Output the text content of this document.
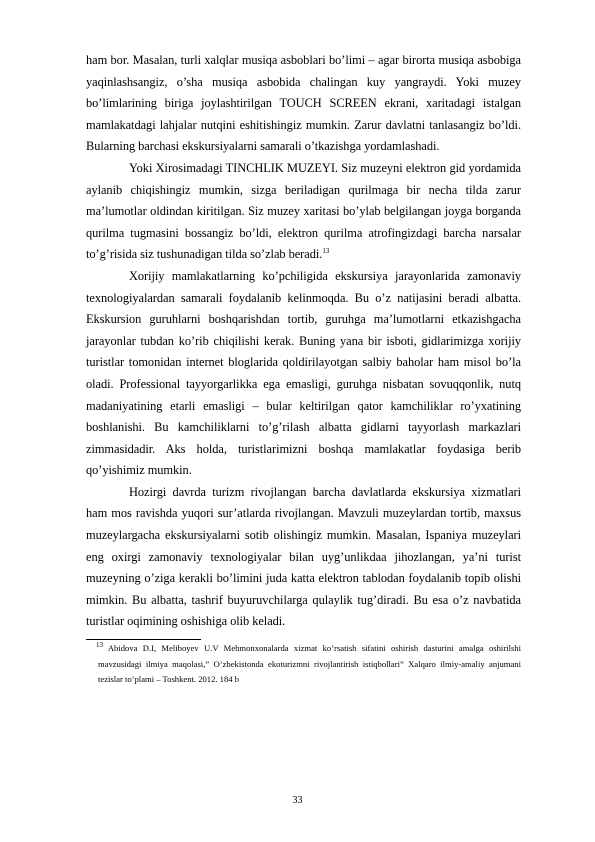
ham bor. Masalan, turli xalqlar musiqa asboblari bo’limi – agar birorta musiqa asbobiga yaqinlashsangiz, o’sha musiqa asbobida chalingan kuy yangraydi. Yoki muzey bo’limlarining biriga joylashtirilgan TOUCH SCREEN ekrani, xaritadagi istalgan mamlakatdagi lahjalar nutqini eshitishingiz mumkin. Zarur davlatni tanlasangiz bo’ldi. Bularning barchasi ekskursiyalarni samarali o’tkazishga yordamlashadi.

Yoki Xirosimadagi TINCHLIK MUZEYI. Siz muzeyni elektron gid yordamida aylanib chiqishingiz mumkin, sizga beriladigan qurilmaga bir necha tilda zarur ma’lumotlar oldindan kiritilgan. Siz muzey xaritasi bo’ylab belgilangan joyga borganda qurilma tugmasini bossangiz bo’ldi, elektron qurilma atrofingizdagi barcha narsalar to’g’risida siz tushunadigan tilda so’zlab beradi.$^{13}$

Xorijiy mamlakatlarning ko’pchiligida ekskursiya jarayonlarida zamonaviy texnologiyalardan samarali foydalanib kelinmoqda. Bu o’z natijasini beradi albatta. Ekskursion guruhlarni boshqarishdan tortib, guruhga ma’lumotlarni etkazishgacha jarayonlar tubdan ko’rib chiqilishi kerak. Buning yana bir isboti, gidlarimizga xorijiy turistlar tomonidan internet bloglarida qoldirilayotgan salbiy baholar ham misol bo’la oladi. Professional tayyorgarlikka ega emasligi, guruhga nisbatan sovuqqonlik, nutq madaniyatining etarli emasligi – bular keltirilgan qator kamchiliklar ro’yxatining boshlanishi. Bu kamchiliklarni to’g’rilash albatta gidlarni tayyorlash markazlari zimmasidadir. Aks holda, turistlarimizni boshqa mamlakatlar foydasiga berib qo’yishimiz mumkin.

Hozirgi davrda turizm rivojlangan barcha davlatlarda ekskursiya xizmatlari ham mos ravishda yuqori sur’atlarda rivojlangan. Mavzuli muzeylardan tortib, maxsus muzeylargacha ekskursiyalarni sotib olishingiz mumkin. Masalan, Ispaniya muzeylari eng oxirgi zamonaviy texnologiyalar bilan uyg’unlikdaa jihozlangan, ya’ni turist muzeyning o’ziga kerakli bo’limini juda katta elektron tablodan foydalanib topib olishi mimkin. Bu albatta, tashrif buyuruvchilarga qulaylik tug’diradi. Bu esa o’z navbatida turistlar oqimining oshishiga olib keladi.

$^{13}$ Abidova D.I, Meliboyev U.V Mehmonxonalarda xizmat ko’rsatish sifatini oshirish dasturini amalga oshirilshi mavzusidagi ilmiya maqolasi,” O’zbekistonda ekoturizmni rivojlantirish istiqbollari” Xalqaro ilmiy-amaliy anjumani tezislar to’plami – Toshkent. 2012. 184 b

33
